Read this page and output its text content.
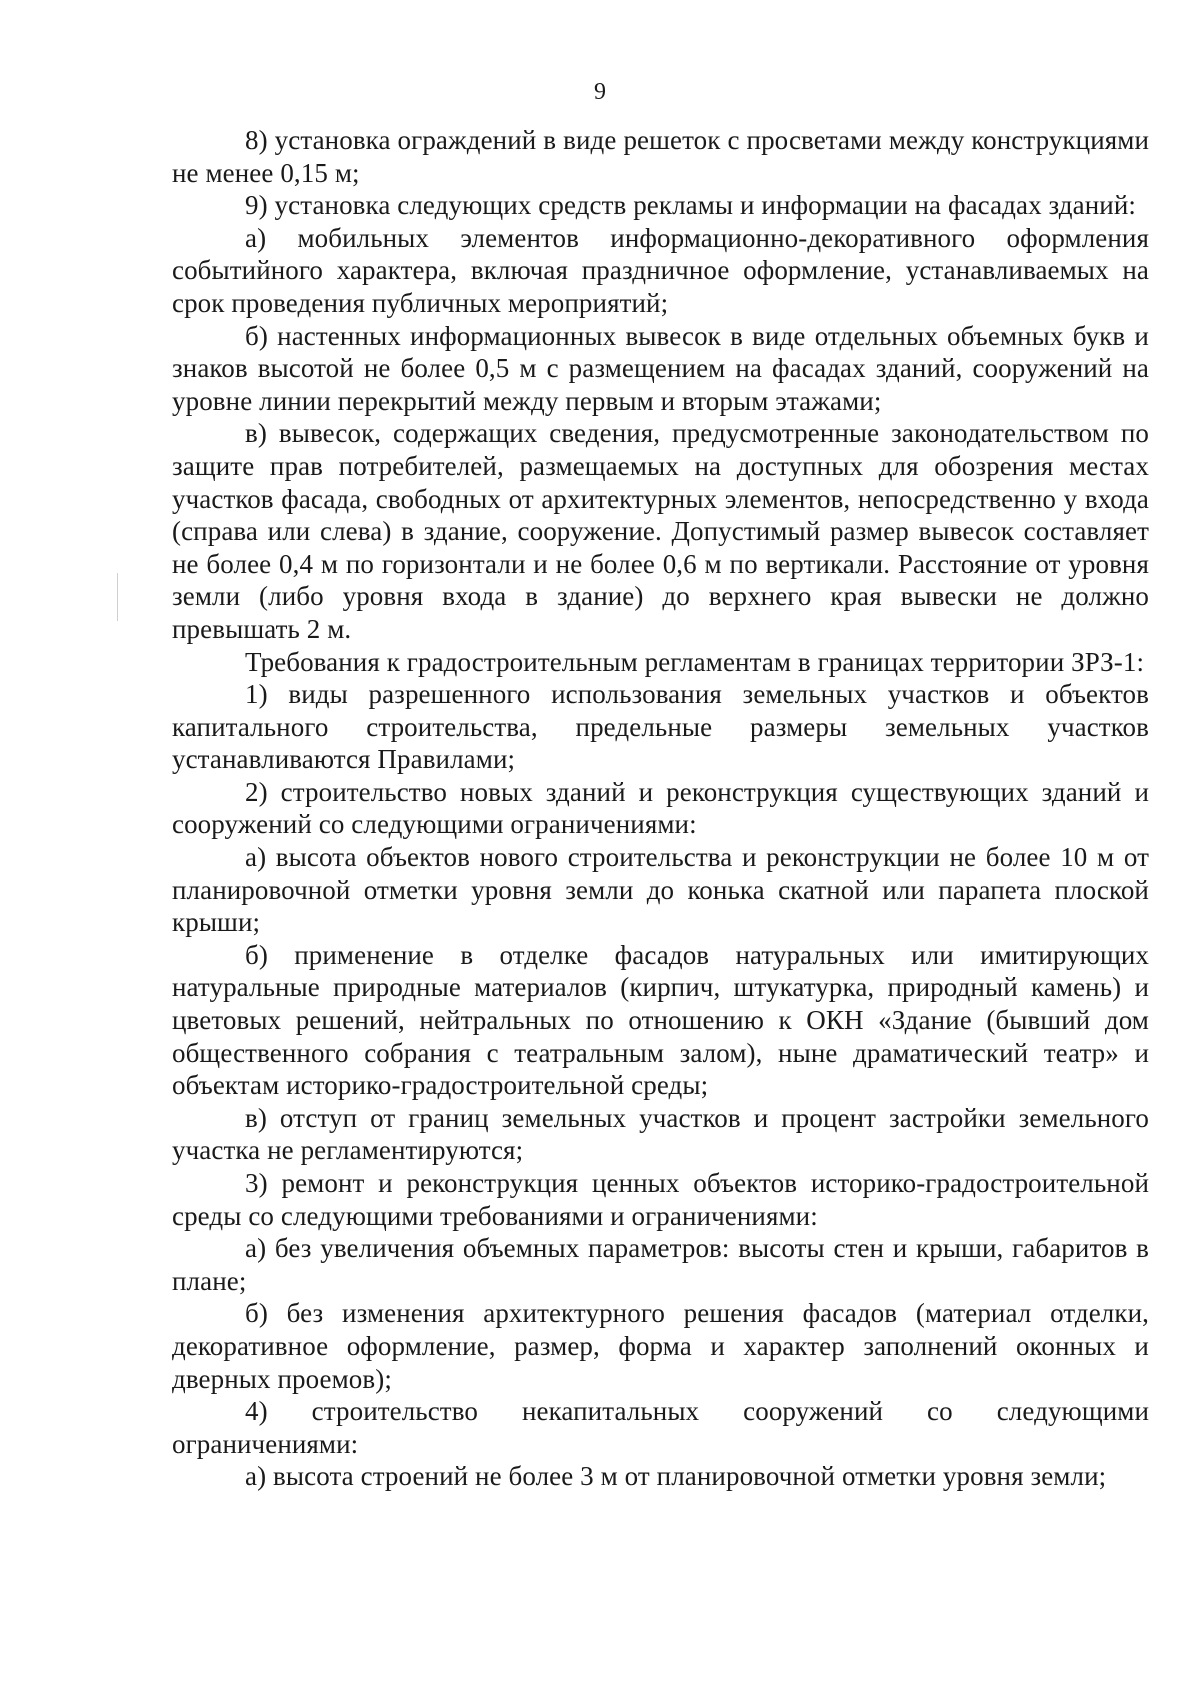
9

8) установка ограждений в виде решеток с просветами между конструкциями не менее 0,15 м;

9) установка следующих средств рекламы и информации на фасадах зданий:

а) мобильных элементов информационно-декоративного оформления событийного характера, включая праздничное оформление, устанавливаемых на срок проведения публичных мероприятий;

б) настенных информационных вывесок в виде отдельных объемных букв и знаков высотой не более 0,5 м с размещением на фасадах зданий, сооружений на уровне линии перекрытий между первым и вторым этажами;

в) вывесок, содержащих сведения, предусмотренные законодательством по защите прав потребителей, размещаемых на доступных для обозрения местах участков фасада, свободных от архитектурных элементов, непосредственно у входа (справа или слева) в здание, сооружение. Допустимый размер вывесок составляет не более 0,4 м по горизонтали и не более 0,6 м по вертикали. Расстояние от уровня земли (либо уровня входа в здание) до верхнего края вывески не должно превышать 2 м.

Требования к градостроительным регламентам в границах территории ЗРЗ-1:

1) виды разрешенного использования земельных участков и объектов капитального строительства, предельные размеры земельных участков устанавливаются Правилами;

2) строительство новых зданий и реконструкция существующих зданий и сооружений со следующими ограничениями:

а) высота объектов нового строительства и реконструкции не более 10 м от планировочной отметки уровня земли до конька скатной или парапета плоской крыши;

б) применение в отделке фасадов натуральных или имитирующих натуральные природные материалов (кирпич, штукатурка, природный камень) и цветовых решений, нейтральных по отношению к ОКН «Здание (бывший дом общественного собрания с театральным залом), ныне драматический театр» и объектам историко-градостроительной среды;

в) отступ от границ земельных участков и процент застройки земельного участка не регламентируются;

3) ремонт и реконструкция ценных объектов историко-градостроительной среды со следующими требованиями и ограничениями:

а) без увеличения объемных параметров: высоты стен и крыши, габаритов в плане;

б) без изменения архитектурного решения фасадов (материал отделки, декоративное оформление, размер, форма и характер заполнений оконных и дверных проемов);

4) строительство некапитальных сооружений со следующими ограничениями:

а) высота строений не более 3 м от планировочной отметки уровня земли;
